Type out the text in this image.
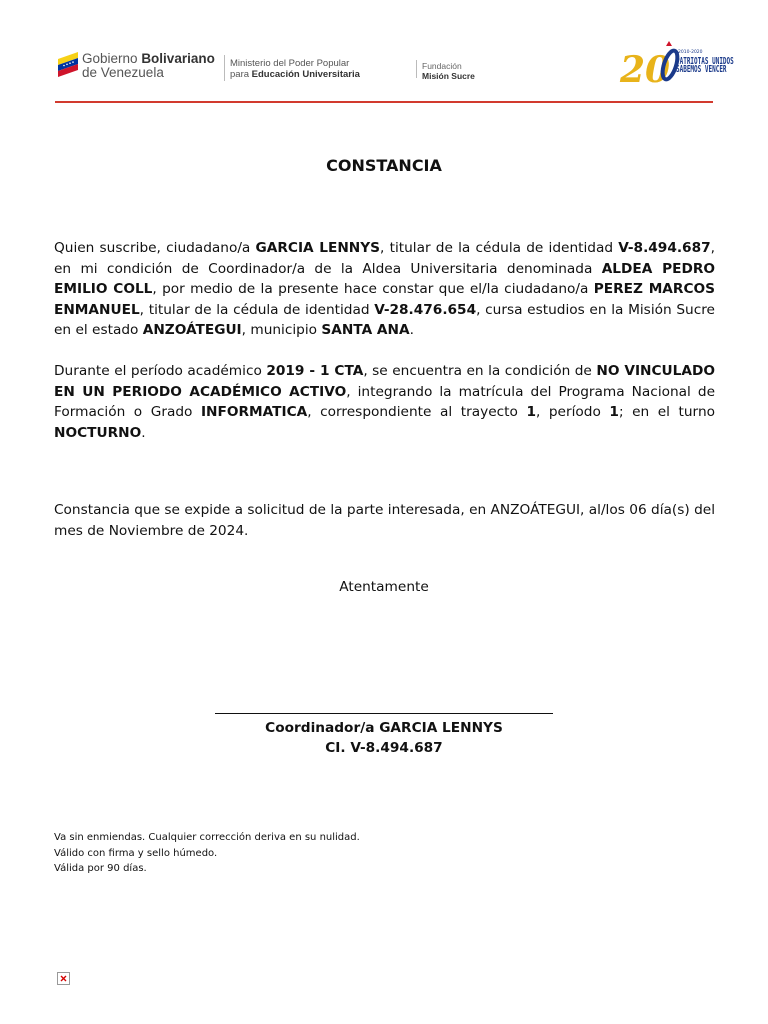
Gobierno Bolivariano
de Venezuela
Ministerio del Poder Popular
para Educación Universitaria
Fundación
Misión Sucre	20 2010-2020
PATRIOTAS UNIDOS
SABEMOS VENCER
CONSTANCIA
Quien suscribe, ciudadano/a GARCIA LENNYS, titular de la cédula de identidad V-8.494.687, en mi condición de Coordinador/a de la Aldea Universitaria denominada ALDEA PEDRO EMILIO COLL, por medio de la presente hace constar que el/la ciudadano/a PEREZ MARCOS ENMANUEL, titular de la cédula de identidad V-28.476.654, cursa estudios en la Misión Sucre en el estado ANZOÁTEGUI, municipio SANTA ANA.
Durante el período académico 2019 - 1 CTA, se encuentra en la condición de NO VINCULADO EN UN PERIODO ACADÉMICO ACTIVO, integrando la matrícula del Programa Nacional de Formación o Grado INFORMATICA, correspondiente al trayecto 1, período 1; en el turno NOCTURNO.
Constancia que se expide a solicitud de la parte interesada, en ANZOÁTEGUI, al/los 06 día(s) del mes de Noviembre de 2024.
Atentamente
Coordinador/a GARCIA LENNYS
CI. V-8.494.687
Va sin enmiendas. Cualquier corrección deriva en su nulidad.
Válido con firma y sello húmedo.
Válida por 90 días.
